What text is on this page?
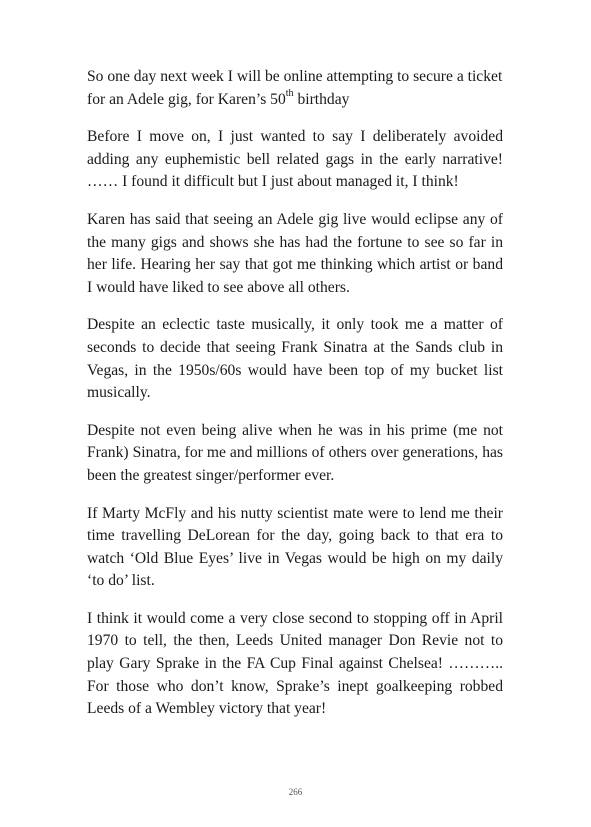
So one day next week I will be online attempting to secure a ticket for an Adele gig, for Karen’s 50th birthday

Before I move on, I just wanted to say I deliberately avoided adding any euphemistic bell related gags in the early narrative! …… I found it difficult but I just about managed it, I think!

Karen has said that seeing an Adele gig live would eclipse any of the many gigs and shows she has had the fortune to see so far in her life. Hearing her say that got me thinking which artist or band I would have liked to see above all others.

Despite an eclectic taste musically, it only took me a matter of seconds to decide that seeing Frank Sinatra at the Sands club in Vegas, in the 1950s/60s would have been top of my bucket list musically.

Despite not even being alive when he was in his prime (me not Frank) Sinatra, for me and millions of others over generations, has been the greatest singer/performer ever.

If Marty McFly and his nutty scientist mate were to lend me their time travelling DeLorean for the day, going back to that era to watch ‘Old Blue Eyes’ live in Vegas would be high on my daily ‘to do’ list.

I think it would come a very close second to stopping off in April 1970 to tell, the then, Leeds United manager Don Revie not to play Gary Sprake in the FA Cup Final against Chelsea! ……….. For those who don’t know, Sprake’s inept goalkeeping robbed Leeds of a Wembley victory that year!

266
